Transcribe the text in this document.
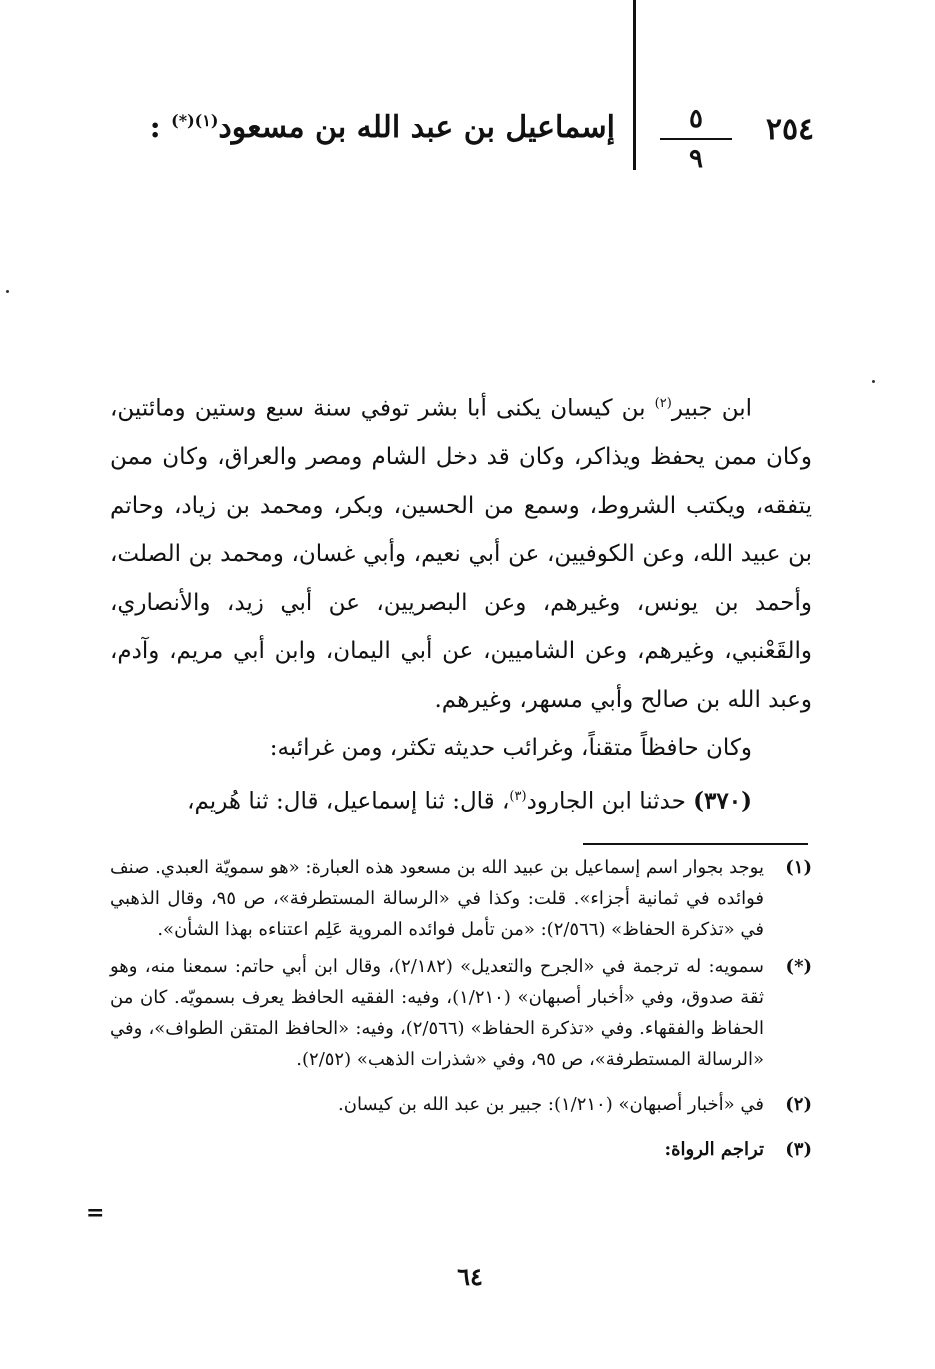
٢٥٤
٥
٩
إسماعيل بن عبد الله بن مسعود$^{(١)(*)}$ :

ابن جبير$^{(٢)}$ بن كيسان يكنى أبا بشر توفي سنة سبع وستين ومائتين، وكان ممن يحفظ ويذاكر، وكان قد دخل الشام ومصر والعراق، وكان ممن يتفقه، ويكتب الشروط، وسمع من الحسين، وبكر، ومحمد بن زياد، وحاتم بن عبيد الله، وعن الكوفيين، عن أبي نعيم، وأبي غسان، ومحمد بن الصلت، وأحمد بن يونس، وغيرهم، وعن البصريين، عن أبي زيد، والأنصاري، والقَعْنبي، وغيرهم، وعن الشاميين، عن أبي اليمان، وابن أبي مريم، وآدم، وعبد الله بن صالح وأبي مسهر، وغيرهم.

وكان حافظاً متقناً، وغرائب حديثه تكثر، ومن غرائبه:

(٣٧٠) حدثنا ابن الجارود$^{(٣)}$، قال: ثنا إسماعيل، قال: ثنا هُريم،

(١)
يوجد بجوار اسم إسماعيل بن عبيد الله بن مسعود هذه العبارة: «هو سمويّة العبدي. صنف فوائده في ثمانية أجزاء». قلت: وكذا في «الرسالة المستطرفة»، ص ٩٥، وقال الذهبي في «تذكرة الحفاظ» (٢/٥٦٦): «من تأمل فوائده المروية عَلِم اعتناءه بهذا الشأن».
(*)
سمويه: له ترجمة في «الجرح والتعديل» (٢/١٨٢)، وقال ابن أبي حاتم: سمعنا منه، وهو ثقة صدوق، وفي «أخبار أصبهان» (١/٢١٠)، وفيه: الفقيه الحافظ يعرف بسمويّه. كان من الحفاظ والفقهاء. وفي «تذكرة الحفاظ» (٢/٥٦٦)، وفيه: «الحافظ المتقن الطواف»، وفي «الرسالة المستطرفة»، ص ٩٥، وفي «شذرات الذهب» (٢/٥٢).
(٢)
في «أخبار أصبهان» (١/٢١٠): جبير بن عبد الله بن كيسان.
(٣)
تراجم الرواة:
=
٦٤
